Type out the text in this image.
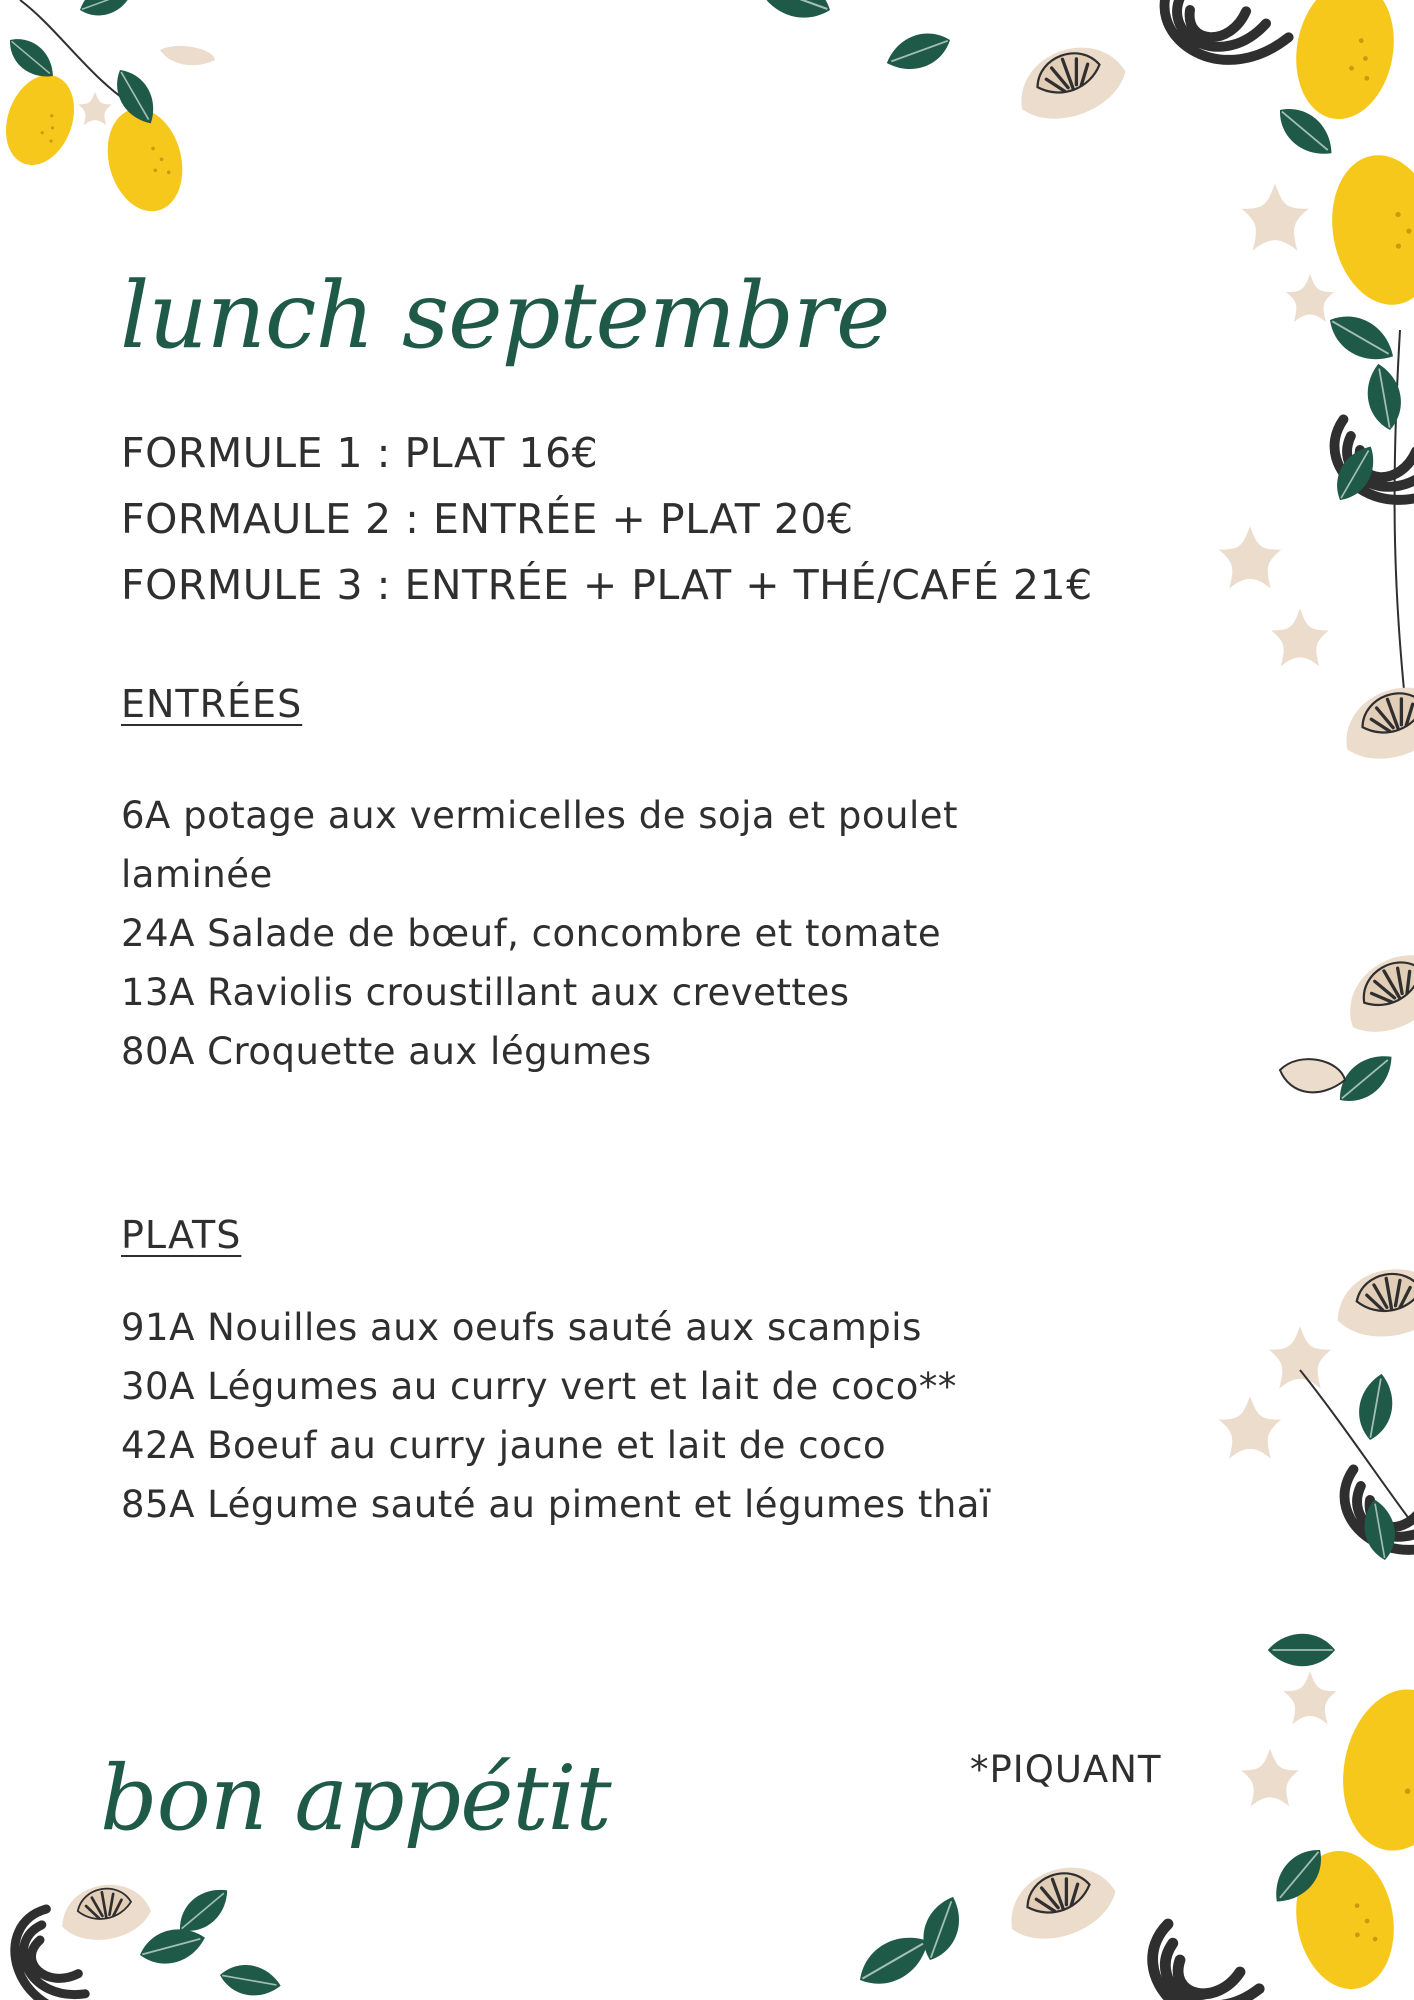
lunch septembre
FORMULE 1 : PLAT 16€
FORMAULE 2 : ENTRÉE + PLAT 20€
FORMULE 3 : ENTRÉE + PLAT + THÉ/CAFÉ 21€
ENTRÉES
6A potage aux vermicelles de soja et poulet laminée
24A Salade de bœuf, concombre et tomate
13A Raviolis croustillant aux crevettes
80A Croquette aux légumes
PLATS
91A Nouilles aux oeufs sauté aux scampis
30A Légumes au curry vert et lait de coco**
42A Boeuf au curry jaune et lait de coco
85A Légume sauté au piment et légumes thaï
*PIQUANT
bon appétit
